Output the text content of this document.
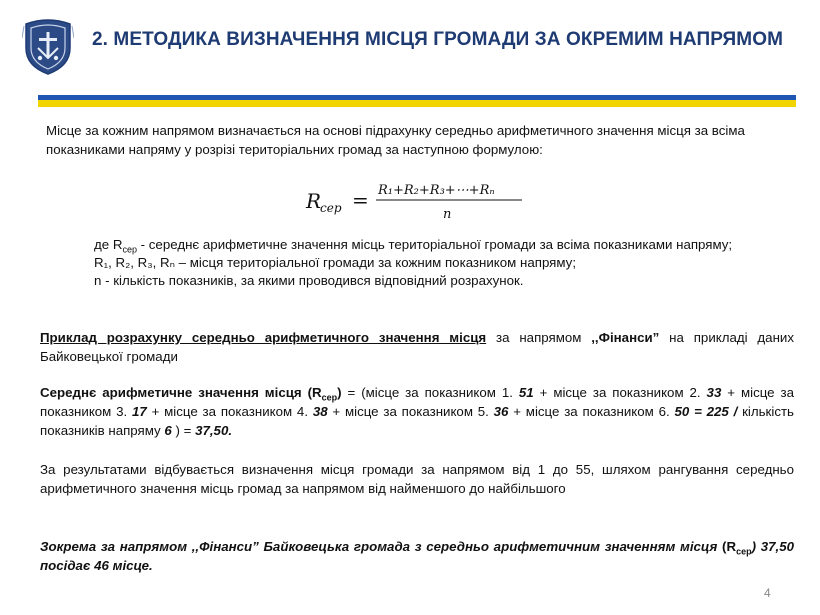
2. МЕТОДИКА ВИЗНАЧЕННЯ МІСЦЯ ГРОМАДИ ЗА ОКРЕМИМ НАПРЯМОМ
Місце за кожним напрямом визначається на основі підрахунку середньо арифметичного значення місця за всіма показниками напряму у розрізі територіальних громад за наступною формулою:
R
сер = R₁+R₂+R₃+⋯+Rₙ
n
де $R_{сер}$ - середнє арифметичне значення місць територіальної громади за всіма показниками напряму;
R₁, R₂, R₃, Rₙ – місця територіальної громади за кожним показником напряму;
n - кількість показників, за якими проводився відповідний розрахунок.
Приклад розрахунку середньо арифметичного значення місця за напрямом ,,Фінанси” на прикладі даних Байковецької громади
Середнє арифметичне значення місця $(R_{сер})$ = (місце за показником 1. 51 + місце за показником 2. 33 + місце за показником 3. 17 + місце за показником 4. 38 + місце за показником 5. 36 + місце за показником 6. 50 = 225 / кількість показників напряму 6 ) = 37,50.
За результатами відбувається визначення місця громади за напрямом від 1 до 55, шляхом рангування середньо арифметичного значення місць громад за напрямом від найменшого до найбільшого
Зокрема за напрямом ,,Фінанси” Байковецька громада з середньо арифметичним значенням місця $(R_{сер})$ 37,50 посідає 46 місце.
4
